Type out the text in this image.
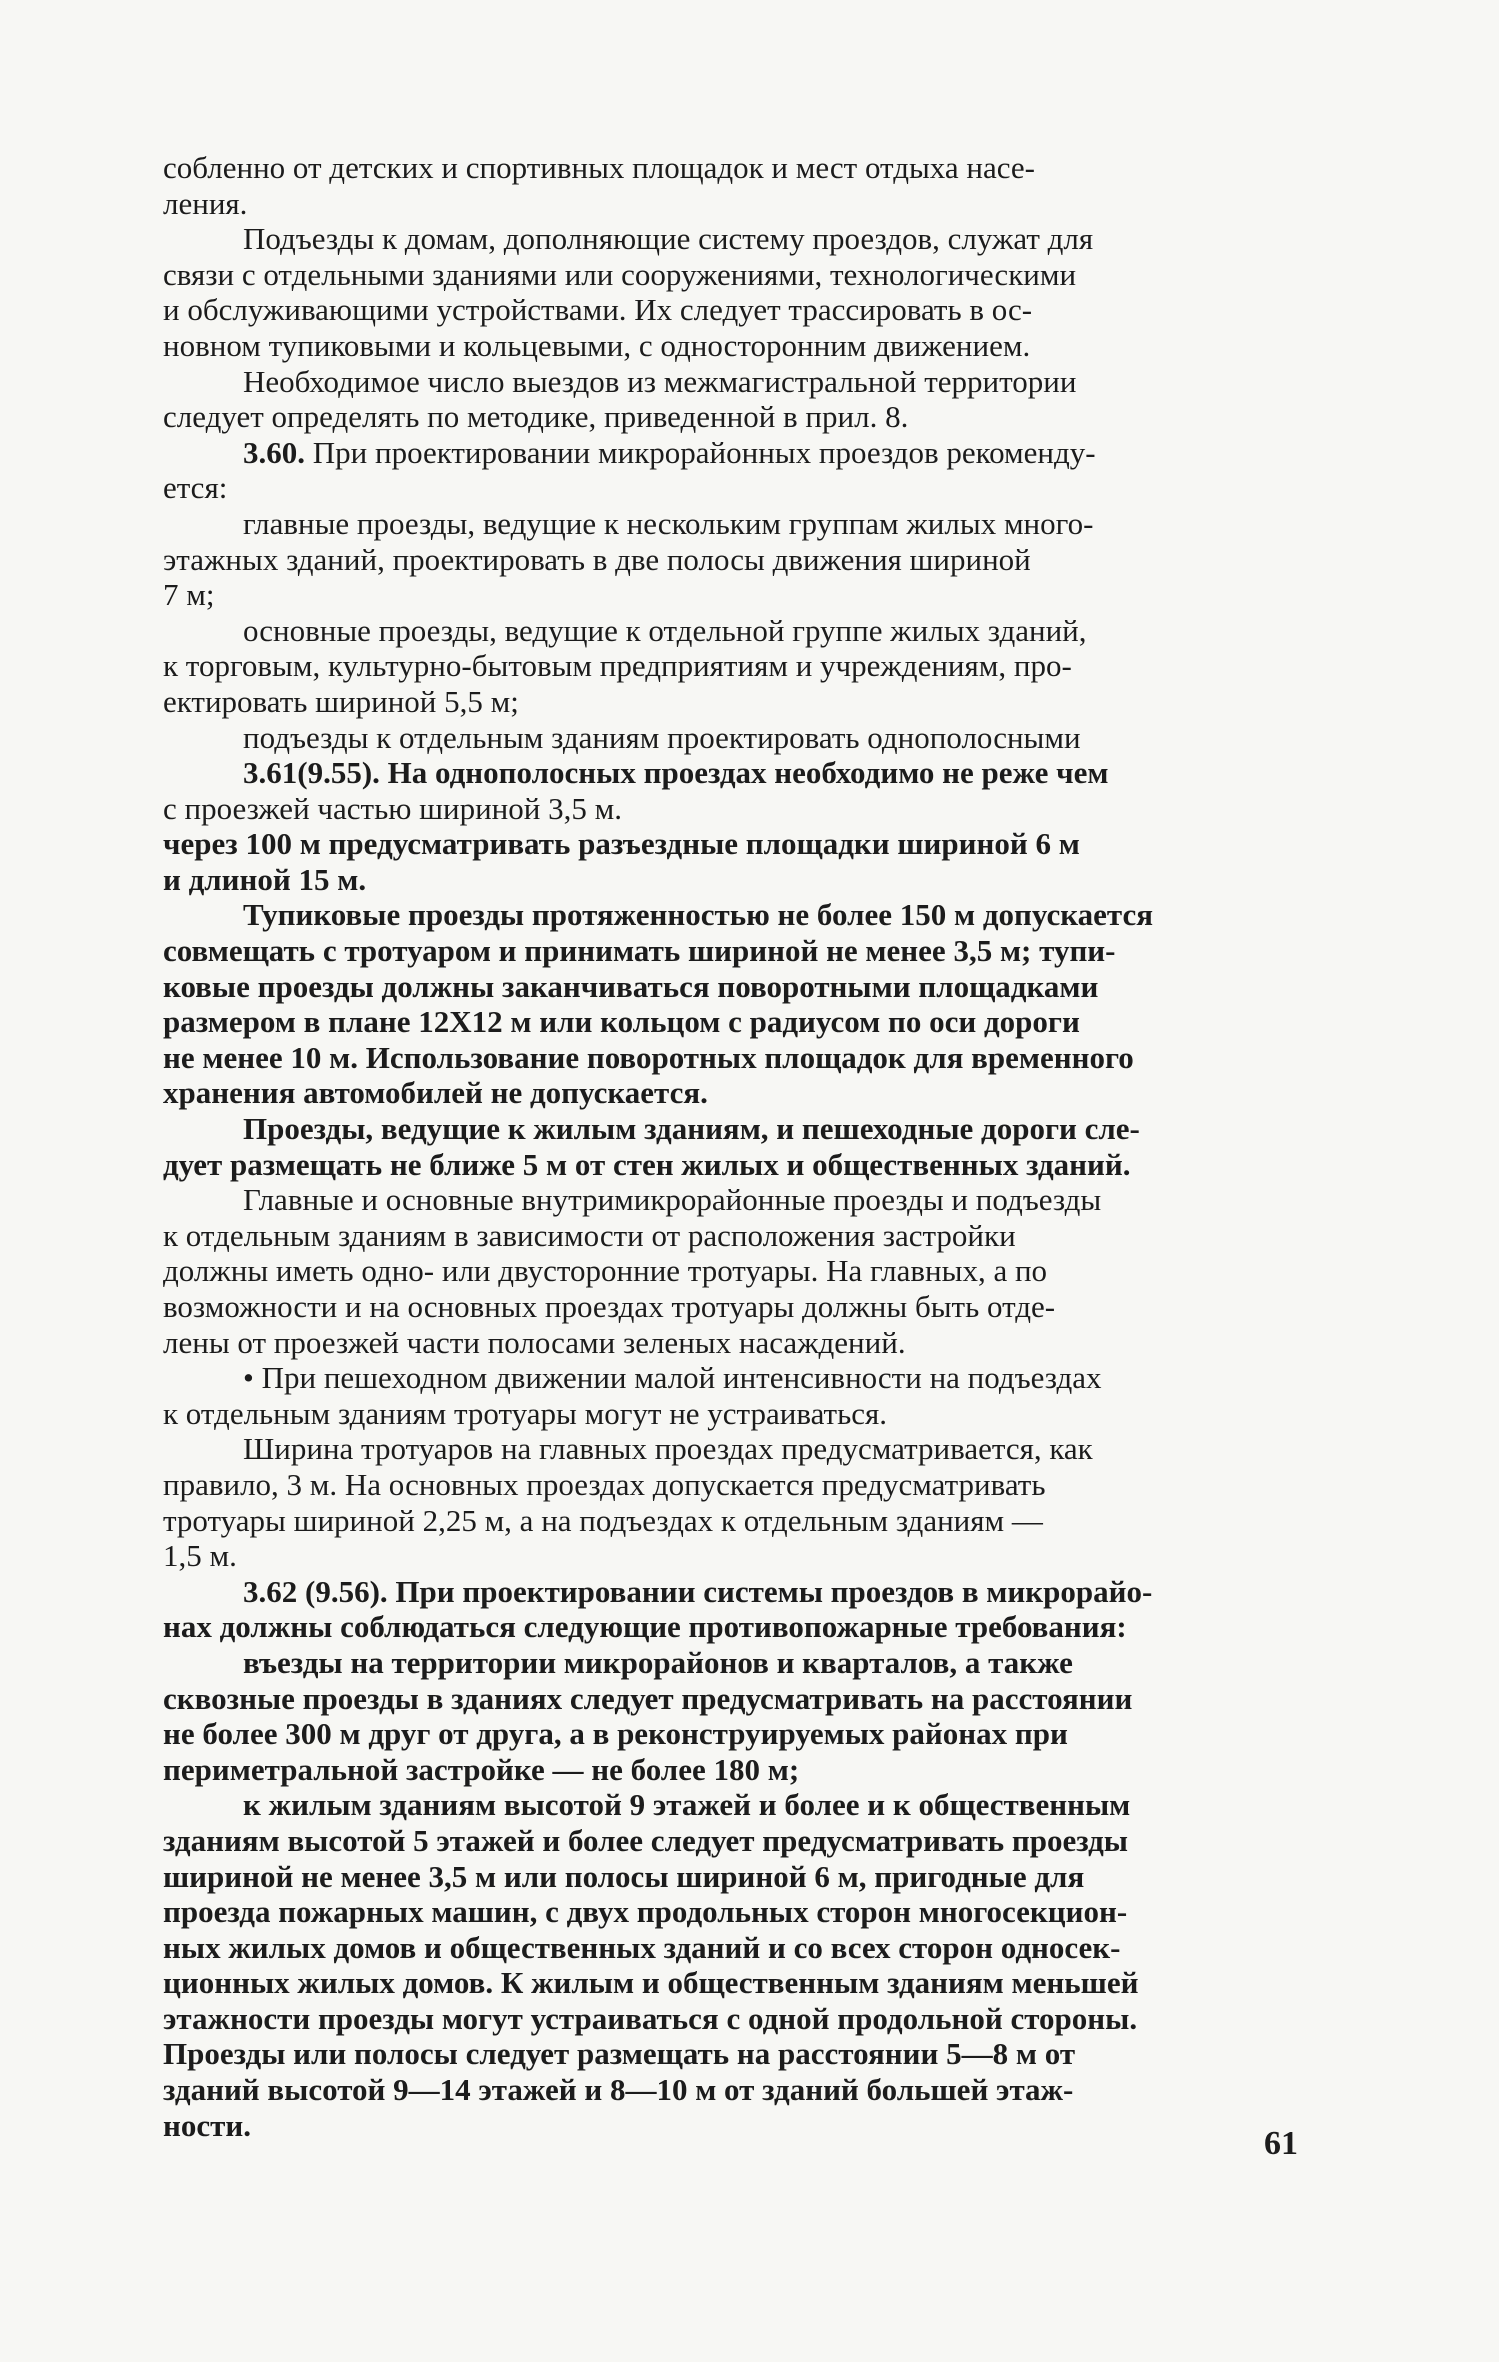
собленно от детских и спортивных площадок и мест отдыха насе-
ления.

Подъезды к домам, дополняющие систему проездов, служат для
связи с отдельными зданиями или сооружениями, технологическими
и обслуживающими устройствами. Их следует трассировать в ос-
новном тупиковыми и кольцевыми, с односторонним движением.

Необходимое число выездов из межмагистральной территории
следует определять по методике, приведенной в прил. 8.

3.60. При проектировании микрорайонных проездов рекоменду-
ется:

главные проезды, ведущие к нескольким группам жилых много-
этажных зданий, проектировать в две полосы движения шириной
7 м;

основные проезды, ведущие к отдельной группе жилых зданий,
к торговым, культурно-бытовым предприятиям и учреждениям, про-
ектировать шириной 5,5 м;

подъезды к отдельным зданиям проектировать однополосными

3.61(9.55). На однополосных проездах необходимо не реже чем
с проезжей частью шириной 3,5 м.

через 100 м предусматривать разъездные площадки шириной 6 м
и длиной 15 м.

Тупиковые проезды протяженностью не более 150 м допускается
совмещать с тротуаром и принимать шириной не менее 3,5 м; тупи-
ковые проезды должны заканчиваться поворотными площадками
размером в плане 12X12 м или кольцом с радиусом по оси дороги
не менее 10 м. Использование поворотных площадок для временного
хранения автомобилей не допускается.

Проезды, ведущие к жилым зданиям, и пешеходные дороги сле-
дует размещать не ближе 5 м от стен жилых и общественных зданий.

Главные и основные внутримикрорайонные проезды и подъезды
к отдельным зданиям в зависимости от расположения застройки
должны иметь одно- или двусторонние тротуары. На главных, а по
возможности и на основных проездах тротуары должны быть отде-
лены от проезжей части полосами зеленых насаждений.

• При пешеходном движении малой интенсивности на подъездах
к отдельным зданиям тротуары могут не устраиваться.

Ширина тротуаров на главных проездах предусматривается, как
правило, 3 м. На основных проездах допускается предусматривать
тротуары шириной 2,25 м, а на подъездах к отдельным зданиям —
1,5 м.

3.62 (9.56). При проектировании системы проездов в микрорайо-
нах должны соблюдаться следующие противопожарные требования:

въезды на территории микрорайонов и кварталов, а также
сквозные проезды в зданиях следует предусматривать на расстоянии
не более 300 м друг от друга, а в реконструируемых районах при
периметральной застройке — не более 180 м;

к жилым зданиям высотой 9 этажей и более и к общественным
зданиям высотой 5 этажей и более следует предусматривать проезды
шириной не менее 3,5 м или полосы шириной 6 м, пригодные для
проезда пожарных машин, с двух продольных сторон многосекцион-
ных жилых домов и общественных зданий и со всех сторон односек-
ционных жилых домов. К жилым и общественным зданиям меньшей
этажности проезды могут устраиваться с одной продольной стороны.
Проезды или полосы следует размещать на расстоянии 5—8 м от
зданий высотой 9—14 этажей и 8—10 м от зданий большей этаж-
ности.	61
